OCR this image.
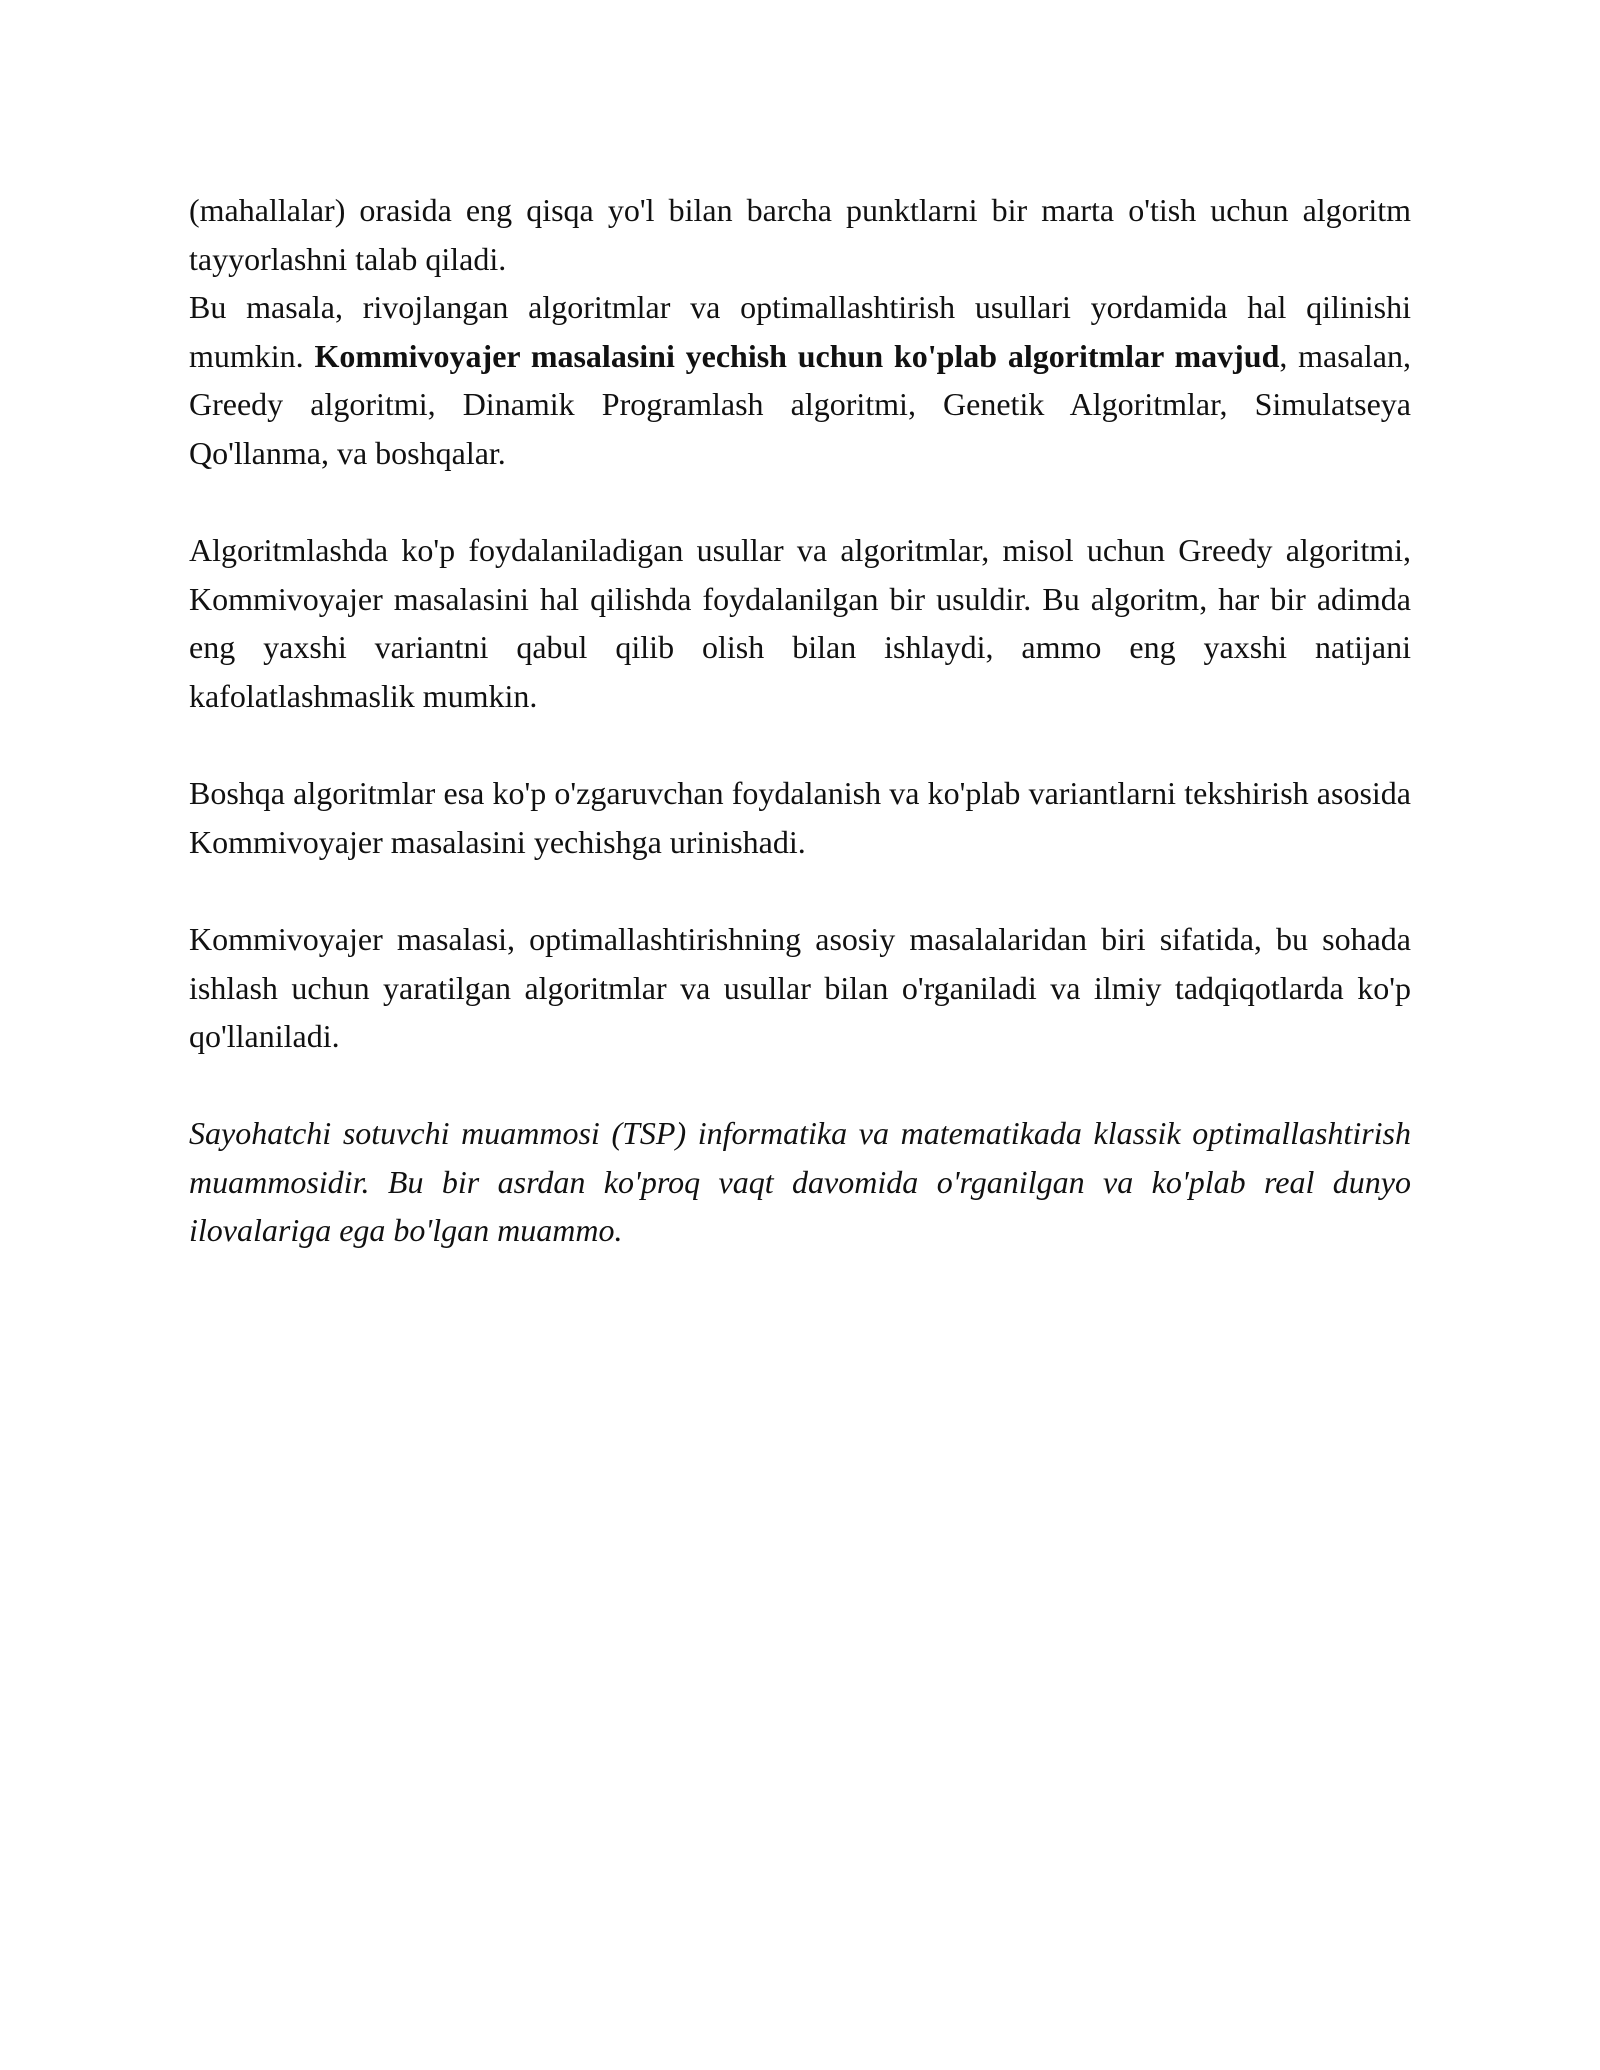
(mahallalar) orasida eng qisqa yo'l bilan barcha punktlarni bir marta o'tish uchun algoritm tayyorlashni talab qiladi.

Bu masala, rivojlangan algoritmlar va optimallashtirish usullari yordamida hal qilinishi mumkin. Kommivoyajer masalasini yechish uchun ko'plab algoritmlar mavjud, masalan, Greedy algoritmi, Dinamik Programlash algoritmi, Genetik Algoritmlar, Simulatseya Qo'llanma, va boshqalar.

Algoritmlashda ko'p foydalaniladigan usullar va algoritmlar, misol uchun Greedy algoritmi, Kommivoyajer masalasini hal qilishda foydalanilgan bir usuldir. Bu algoritm, har bir adimda eng yaxshi variantni qabul qilib olish bilan ishlaydi, ammo eng yaxshi natijani kafolatlashmaslik mumkin.

Boshqa algoritmlar esa ko'p o'zgaruvchan foydalanish va ko'plab variantlarni tekshirish asosida Kommivoyajer masalasini yechishga urinishadi.

Kommivoyajer masalasi, optimallashtirishning asosiy masalalaridan biri sifatida, bu sohada ishlash uchun yaratilgan algoritmlar va usullar bilan o'rganiladi va ilmiy tadqiqotlarda ko'p qo'llaniladi.

Sayohatchi sotuvchi muammosi (TSP) informatika va matematikada klassik optimallashtirish muammosidir. Bu bir asrdan ko'proq vaqt davomida o'rganilgan va ko'plab real dunyo ilovalariga ega bo'lgan muammo.
